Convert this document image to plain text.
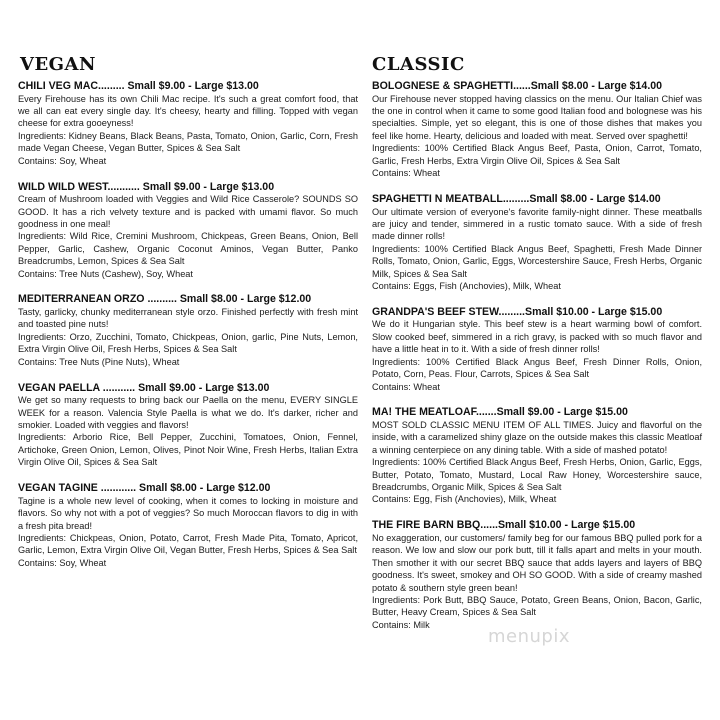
VEGAN
CHILI VEG MAC......... Small $9.00 - Large $13.00
Every Firehouse has its own Chili Mac recipe. It's such a great comfort food, that we all can eat every single day. It's cheesy, hearty and filling. Topped with vegan cheese for extra gooeyness!
Ingredients: Kidney Beans, Black Beans, Pasta, Tomato, Onion, Garlic, Corn, Fresh made Vegan Cheese, Vegan Butter, Spices & Sea Salt
Contains: Soy, Wheat
WILD WILD WEST........... Small $9.00 - Large $13.00
Cream of Mushroom loaded with Veggies and Wild Rice Casserole? SOUNDS SO GOOD. It has a rich velvety texture and is packed with umami flavor. So much goodness in one meal!
Ingredients: Wild Rice, Cremini Mushroom, Chickpeas, Green Beans, Onion, Bell Pepper, Garlic, Cashew, Organic Coconut Aminos, Vegan Butter, Panko Breadcrumbs, Lemon, Spices & Sea Salt
Contains: Tree Nuts (Cashew), Soy, Wheat
MEDITERRANEAN ORZO .......... Small $8.00 - Large $12.00
Tasty, garlicky, chunky mediterranean style orzo. Finished perfectly with fresh mint and toasted pine nuts!
Ingredients: Orzo, Zucchini, Tomato, Chickpeas, Onion, garlic, Pine Nuts, Lemon, Extra Virgin Olive Oil, Fresh Herbs, Spices & Sea Salt
Contains: Tree Nuts (Pine Nuts), Wheat
VEGAN PAELLA ........... Small $9.00 - Large $13.00
We get so many requests to bring back our Paella on the menu, EVERY SINGLE WEEK for a reason. Valencia Style Paella is what we do. It's darker, richer and smokier. Loaded with veggies and flavors!
Ingredients: Arborio Rice, Bell Pepper, Zucchini, Tomatoes, Onion, Fennel, Artichoke, Green Onion, Lemon, Olives, Pinot Noir Wine, Fresh Herbs, Italian Extra Virgin Olive Oil, Spices & Sea Salt
VEGAN TAGINE ............ Small $8.00 - Large $12.00
Tagine is a whole new level of cooking, when it comes to locking in moisture and flavors. So why not with a pot of veggies? So much Moroccan flavors to dig in with a fresh pita bread!
Ingredients: Chickpeas, Onion, Potato, Carrot, Fresh Made Pita, Tomato, Apricot, Garlic, Lemon, Extra Virgin Olive Oil, Vegan Butter, Fresh Herbs, Spices & Sea Salt
Contains: Soy, Wheat
CLASSIC
BOLOGNESE & SPAGHETTI......Small $8.00 - Large $14.00
Our Firehouse never stopped having classics on the menu. Our Italian Chief was the one in control when it came to some good Italian food and bolognese was his specialties. Simple, yet so elegant, this is one of those dishes that makes you feel like home. Hearty, delicious and loaded with meat. Served over spaghetti!
Ingredients: 100% Certified Black Angus Beef, Pasta, Onion, Carrot, Tomato, Garlic, Fresh Herbs, Extra Virgin Olive Oil, Spices & Sea Salt
Contains: Wheat
SPAGHETTI N MEATBALL.........Small $8.00 - Large $14.00
Our ultimate version of everyone's favorite family-night dinner. These meatballs are juicy and tender, simmered in a rustic tomato sauce. With a side of fresh made dinner rolls!
Ingredients: 100% Certified Black Angus Beef, Spaghetti, Fresh Made Dinner Rolls, Tomato, Onion, Garlic, Eggs, Worcestershire Sauce, Fresh Herbs, Organic Milk, Spices & Sea Salt
Contains: Eggs, Fish (Anchovies), Milk, Wheat
GRANDPA'S BEEF STEW.........Small $10.00 - Large $15.00
We do it Hungarian style. This beef stew is a heart warming bowl of comfort. Slow cooked beef, simmered in a rich gravy, is packed with so much flavor and have a little heat in to it. With a side of fresh dinner rolls!
Ingredients: 100% Certified Black Angus Beef, Fresh Dinner Rolls, Onion, Potato, Corn, Peas. Flour, Carrots, Spices & Sea Salt
Contains: Wheat
MA! THE MEATLOAF.......Small $9.00 - Large $15.00
MOST SOLD CLASSIC MENU ITEM OF ALL TIMES. Juicy and flavorful on the inside, with a caramelized shiny glaze on the outside makes this classic Meatloaf a winning centerpiece on any dining table. With a side of mashed potato!
Ingredients: 100% Certified Black Angus Beef, Fresh Herbs, Onion, Garlic, Eggs, Butter, Potato, Tomato, Mustard, Local Raw Honey, Worcestershire sauce, Breadcrumbs, Organic Milk, Spices & Sea Salt
Contains: Egg, Fish (Anchovies), Milk, Wheat
THE FIRE BARN BBQ......Small $10.00 - Large $15.00
No exaggeration, our customers/ family beg for our famous BBQ pulled pork for a reason. We low and slow our pork butt, till it falls apart and melts in your mouth. Then smother it with our secret BBQ sauce that adds layers and layers of BBQ goodness. It's sweet, smokey and OH SO GOOD. With a side of creamy mashed potato & southern style green bean!
Ingredients: Pork Butt, BBQ Sauce, Potato, Green Beans, Onion, Bacon, Garlic, Butter, Heavy Cream, Spices & Sea Salt
Contains: Milk
menupix
